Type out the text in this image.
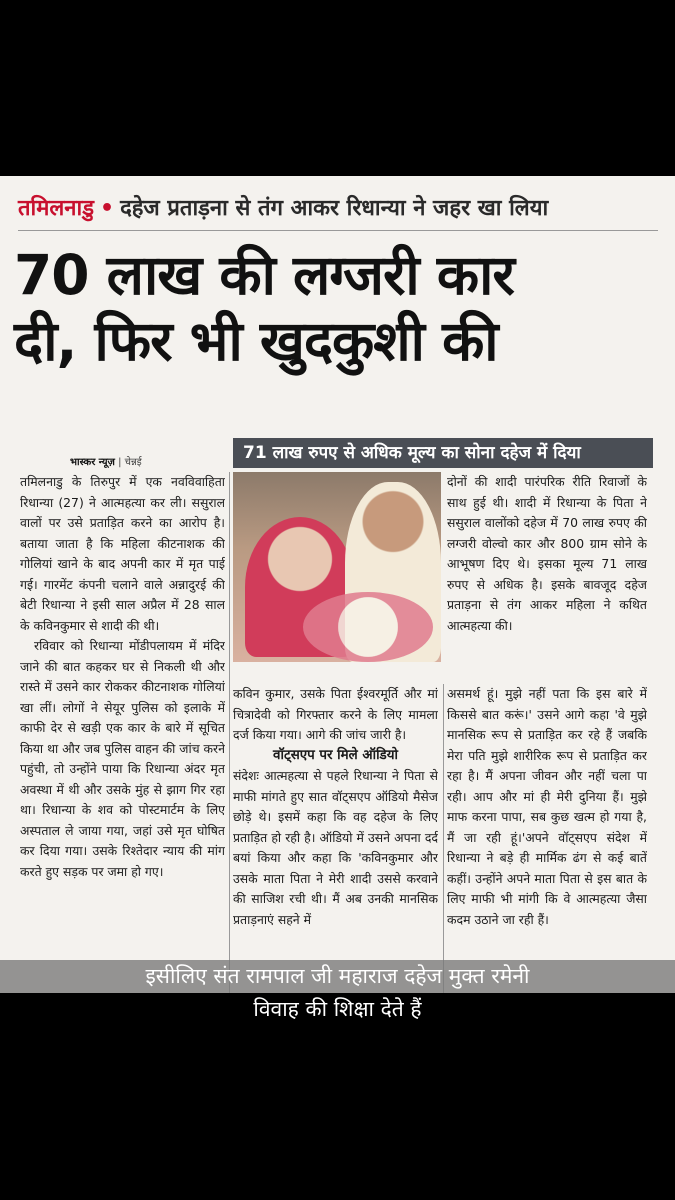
तमिलनाडु • दहेज प्रताड़ना से तंग आकर रिधान्या ने जहर खा लिया
70 लाख की लग्जरी कार
दी, फिर भी खुदकुशी की
भास्कर न्यूज़ | चेन्नई	71 लाख रुपए से अधिक मूल्य का सोना दहेज में दिया

तमिलनाडु के तिरुपुर में एक नवविवाहिता रिधान्या (27) ने आत्महत्या कर ली। ससुराल वालों पर उसे प्रताड़ित करने का आरोप है। बताया जाता है कि महिला कीटनाशक की गोलियां खाने के बाद अपनी कार में मृत पाई गई। गारमेंट कंपनी चलाने वाले अन्नादुरई की बेटी रिधान्या ने इसी साल अप्रैल में 28 साल के कविनकुमार से शादी की थी।

रविवार को रिधान्या मोंडीपलायम में मंदिर जाने की बात कहकर घर से निकली थी और रास्ते में उसने कार रोककर कीटनाशक गोलियां खा लीं। लोगों ने सेयूर पुलिस को इलाके में काफी देर से खड़ी एक कार के बारे में सूचित किया था और जब पुलिस वाहन की जांच करने पहुंची, तो उन्होंने पाया कि रिधान्या अंदर मृत अवस्था में थी और उसके मुंह से झाग गिर रहा था। रिधान्या के शव को पोस्टमार्टम के लिए अस्पताल ले जाया गया, जहां उसे मृत घोषित कर दिया गया। उसके रिश्तेदार न्याय की मांग करते हुए सड़क पर जमा हो गए।

दोनों की शादी पारंपरिक रीति रिवाजों के साथ हुई थी। शादी में रिधान्या के पिता ने ससुराल वालोंको दहेज में 70 लाख रुपए की लग्जरी वोल्वो कार और 800 ग्राम सोने के आभूषण दिए थे। इसका मूल्य 71 लाख रुपए से अधिक है। इसके बावजूद दहेज प्रताड़ना से तंग आकर महिला ने कथित आत्महत्या की।

कविन कुमार, उसके पिता ईश्वरमूर्ति और मां चित्रादेवी को गिरफ्तार करने के लिए मामला दर्ज किया गया। आगे की जांच जारी है।

वॉट्सएप पर मिले ऑडियो

संदेशः आत्महत्या से पहले रिधान्या ने पिता से माफी मांगते हुए सात वॉट्सएप ऑडियो मैसेज छोड़े थे। इसमें कहा कि वह दहेज के लिए प्रताड़ित हो रही है। ऑडियो में उसने अपना दर्द बयां किया और कहा कि 'कविनकुमार और उसके माता पिता ने मेरी शादी उससे करवाने की साजिश रची थी। मैं अब उनकी मानसिक प्रताड़नाएं सहने में

असमर्थ हूं। मुझे नहीं पता कि इस बारे में किससे बात करूं।' उसने आगे कहा 'वे मुझे मानसिक रूप से प्रताड़ित कर रहे हैं जबकि मेरा पति मुझे शारीरिक रूप से प्रताड़ित कर रहा है। मैं अपना जीवन और नहीं चला पा रही। आप और मां ही मेरी दुनिया हैं। मुझे माफ करना पापा, सब कुछ खत्म हो गया है, मैं जा रही हूं।'अपने वॉट्सएप संदेश में रिधान्या ने बड़े ही मार्मिक ढंग से कई बातें कहीं। उन्होंने अपने माता पिता से इस बात के लिए माफी भी मांगी कि वे आत्महत्या जैसा कदम उठाने जा रही हैं।

इसीलिए संत रामपाल जी महाराज दहेज मुक्त रमेनी
विवाह की शिक्षा देते हैं
